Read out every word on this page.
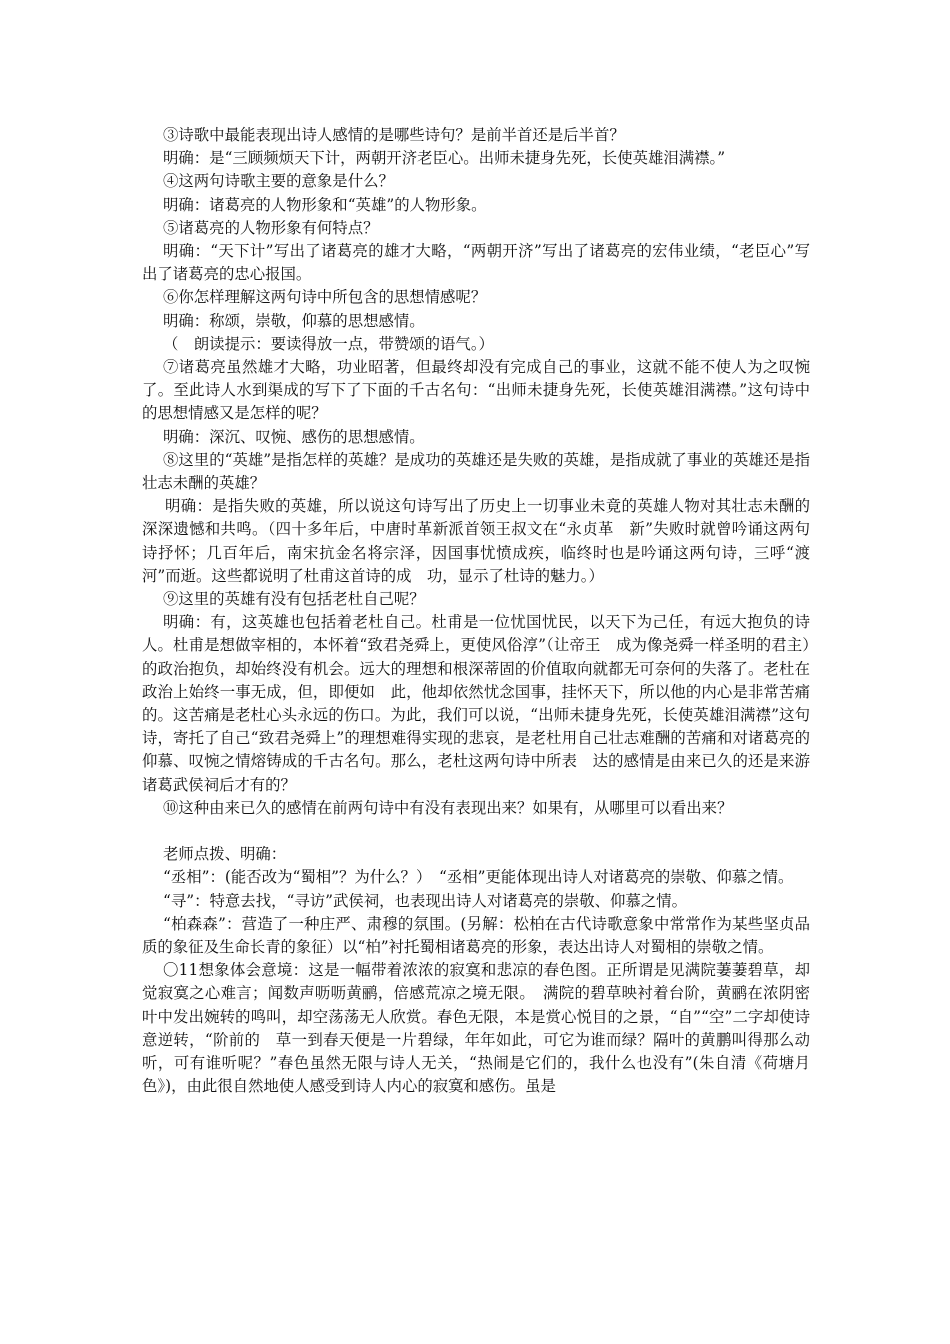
③诗歌中最能表现出诗人感情的是哪些诗句？是前半首还是后半首？

明确：是“三顾频烦天下计，两朝开济老臣心。出师未捷身先死，长使英雄泪满襟。”

④这两句诗歌主要的意象是什么？

明确：诸葛亮的人物形象和“英雄”的人物形象。

⑤诸葛亮的人物形象有何特点？

明确：“天下计”写出了诸葛亮的雄才大略，“两朝开济”写出了诸葛亮的宏伟业绩，“老臣心”写出了诸葛亮的忠心报国。

⑥你怎样理解这两句诗中所包含的思想情感呢？

明确：称颂，崇敬，仰慕的思想感情。

（　朗读提示：要读得放一点，带赞颂的语气。）

⑦诸葛亮虽然雄才大略，功业昭著，但最终却没有完成自己的事业，这就不能不使人为之叹惋了。至此诗人水到渠成的写下了下面的千古名句：“出师未捷身先死，长使英雄泪满襟。”这句诗中的思想情感又是怎样的呢？

明确：深沉、叹惋、感伤的思想感情。

⑧这里的“英雄”是指怎样的英雄？是成功的英雄还是失败的英雄，是指成就了事业的英雄还是指壮志未酬的英雄？

明确：是指失败的英雄，所以说这句诗写出了历史上一切事业未竟的英雄人物对其壮志未酬的深深遗憾和共鸣。（四十多年后，中唐时革新派首领王叔文在“永贞革　新”失败时就曾吟诵这两句诗抒怀；几百年后，南宋抗金名将宗泽，因国事忧愤成疾，临终时也是吟诵这两句诗，三呼“渡河”而逝。这些都说明了杜甫这首诗的成　功，显示了杜诗的魅力。）

⑨这里的英雄有没有包括老杜自己呢？

明确：有，这英雄也包括着老杜自己。杜甫是一位忧国忧民，以天下为己任，有远大抱负的诗人。杜甫是想做宰相的，本怀着“致君尧舜上，更使风俗淳”（让帝王　成为像尧舜一样圣明的君主）的政治抱负，却始终没有机会。远大的理想和根深蒂固的价值取向就都无可奈何的失落了。老杜在政治上始终一事无成，但，即便如　此，他却依然忧念国事，挂怀天下，所以他的内心是非常苦痛的。这苦痛是老杜心头永远的伤口。为此，我们可以说，“出师未捷身先死，长使英雄泪满襟”这句　诗，寄托了自己“致君尧舜上”的理想难得实现的悲哀，是老杜用自己壮志难酬的苦痛和对诸葛亮的仰慕、叹惋之情熔铸成的千古名句。那么，老杜这两句诗中所表　达的感情是由来已久的还是来游诸葛武侯祠后才有的？

⑩这种由来已久的感情在前两句诗中有没有表现出来？如果有，从哪里可以看出来？

老师点拨、明确：

“丞相”：(能否改为“蜀相”？为什么？）　“丞相”更能体现出诗人对诸葛亮的崇敬、仰慕之情。

“寻”：特意去找，“寻访”武侯祠，也表现出诗人对诸葛亮的崇敬、仰慕之情。

“柏森森”：营造了一种庄严、肃穆的氛围。(另解：松柏在古代诗歌意象中常常作为某些坚贞品质的象征及生命长青的象征）以“柏”衬托蜀相诸葛亮的形象，表达出诗人对蜀相的崇敬之情。

〇11想象体会意境：这是一幅带着浓浓的寂寞和悲凉的春色图。正所谓是见满院萋萋碧草，却觉寂寞之心难言；闻数声呖呖黄鹂，倍感荒凉之境无限。　满院的碧草映衬着台阶，黄鹂在浓阴密叶中发出婉转的鸣叫，却空荡荡无人欣赏。春色无限，本是赏心悦目的之景，“自”“空”二字却使诗意逆转，“阶前的　草一到春天便是一片碧绿，年年如此，可它为谁而绿？隔叶的黄鹏叫得那么动听，可有谁听呢？”春色虽然无限与诗人无关，“热闹是它们的，我什么也没有”(朱自清《荷塘月色》)，由此很自然地使人感受到诗人内心的寂寞和感伤。虽是
